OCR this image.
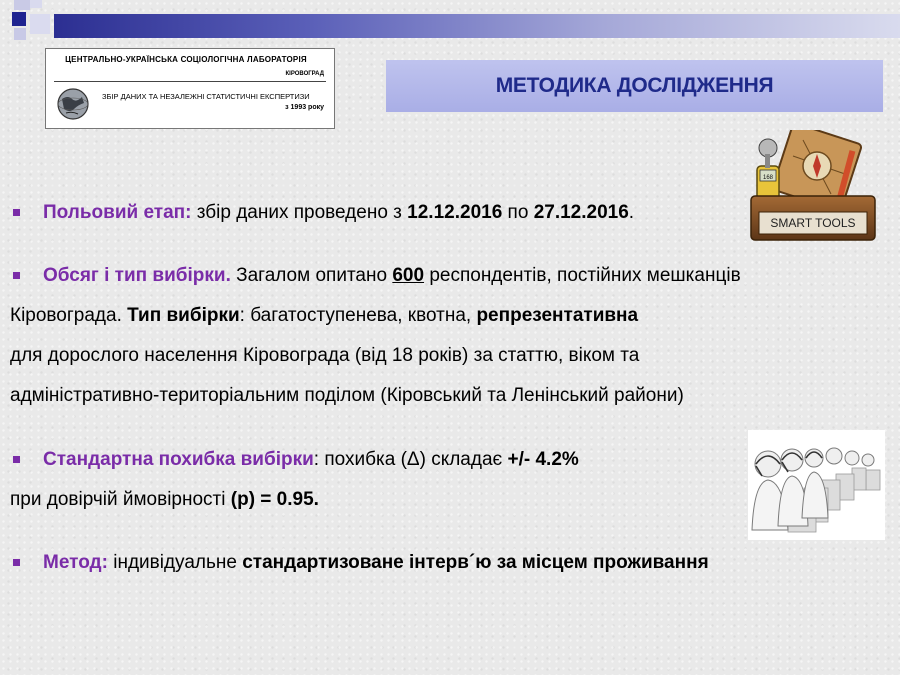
ЦЕНТРАЛЬНО-УКРАЇНСЬКА СОЦІОЛОГІЧНА ЛАБОРАТОРІЯ
КІРОВОГРАД
ЗБІР ДАНИХ ТА НЕЗАЛЕЖНІ СТАТИСТИЧНІ ЕКСПЕРТИЗИ
з 1993 року
МЕТОДИКА ДОСЛІДЖЕННЯ
168
SMART TOOLS
Польовий етап: збір даних проведено з 12.12.2016 по 27.12.2016.
Обсяг і тип вибірки. Загалом опитано 600 респондентів, постійних мешканців
Кіровограда. Тип вибірки: багатоступенева, квотна, репрезентативна
для дорослого населення Кіровограда (від 18 років) за статтю, віком та
адміністративно-територіальним поділом (Кіровський та Ленінський райони)
Стандартна похибка вибірки: похибка (Δ) складає +/- 4.2%
при довірчій ймовірності (р) = 0.95.
Метод: індивідуальне стандартизоване інтерв´ю за місцем проживання
